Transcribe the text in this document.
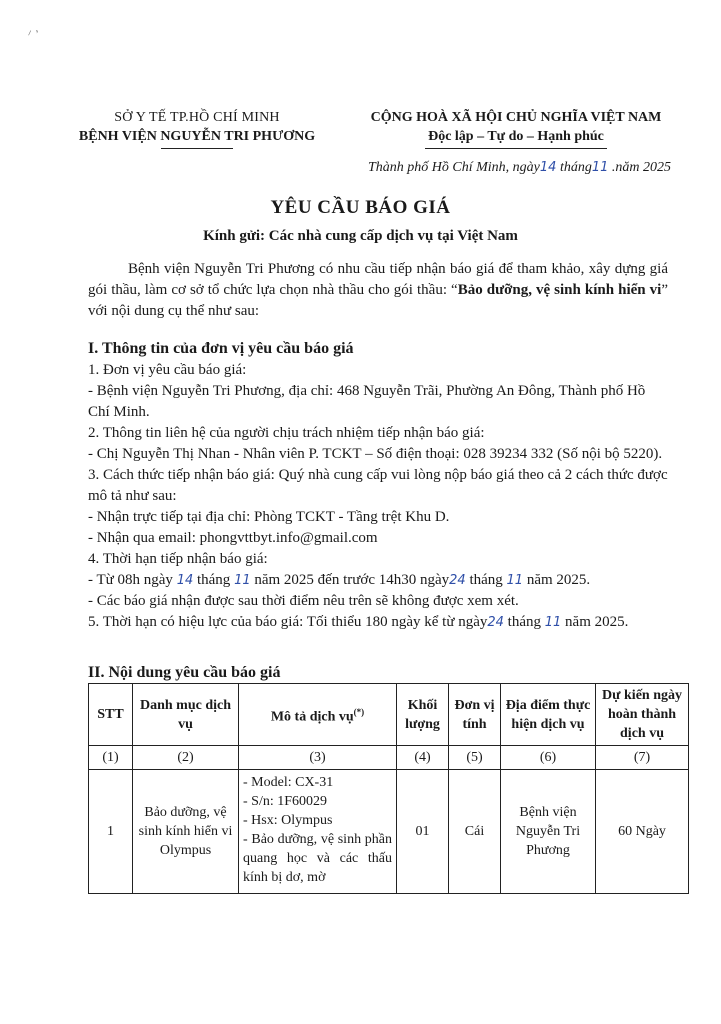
⸝ ‚
SỞ Y TẾ TP.HỒ CHÍ MINH
BỆNH VIỆN NGUYỄN TRI PHƯƠNG
CỘNG HOÀ XÃ HỘI CHỦ NGHĨA VIỆT NAM
Độc lập – Tự do – Hạnh phúc
Thành phố Hồ Chí Minh, ngày14 tháng11 .năm 2025
YÊU CẦU BÁO GIÁ
Kính gửi: Các nhà cung cấp dịch vụ tại Việt Nam
Bệnh viện Nguyễn Tri Phương có nhu cầu tiếp nhận báo giá để tham khảo, xây dựng giá gói thầu, làm cơ sở tổ chức lựa chọn nhà thầu cho gói thầu: “Bảo dưỡng, vệ sinh kính hiển vi” với nội dung cụ thể như sau:
I. Thông tin của đơn vị yêu cầu báo giá
1. Đơn vị yêu cầu báo giá:
- Bệnh viện Nguyễn Tri Phương, địa chỉ: 468 Nguyễn Trãi, Phường An Đông, Thành phố Hồ Chí Minh.
2. Thông tin liên hệ của người chịu trách nhiệm tiếp nhận báo giá:
- Chị Nguyễn Thị Nhan - Nhân viên P. TCKT – Số điện thoại: 028 39234 332 (Số nội bộ 5220).
3. Cách thức tiếp nhận báo giá: Quý nhà cung cấp vui lòng nộp báo giá theo cả 2 cách thức được mô tả như sau:
- Nhận trực tiếp tại địa chỉ: Phòng TCKT - Tầng trệt Khu D.
- Nhận qua email: phongvttbyt.info@gmail.com
4. Thời hạn tiếp nhận báo giá:
- Từ 08h ngày 14 tháng 11 năm 2025 đến trước 14h30 ngày24 tháng 11 năm 2025.
- Các báo giá nhận được sau thời điểm nêu trên sẽ không được xem xét.
5. Thời hạn có hiệu lực của báo giá: Tối thiểu 180 ngày kể từ ngày24 tháng 11 năm 2025.
II. Nội dung yêu cầu báo giá
STT	Danh mục dịch vụ	Mô tả dịch vụ(*)	Khối lượng	Đơn vị tính	Địa điểm thực hiện dịch vụ	Dự kiến ngày hoàn thành dịch vụ
(1)	(2)	(3)	(4)	(5)	(6)	(7)
1	Bảo dưỡng, vệ sinh kính hiển vi Olympus	- Model: CX-31
- S/n: 1F60029
- Hsx: Olympus
- Bảo dưỡng, vệ sinh phần quang học và các thấu kính bị dơ, mờ	01	Cái	Bệnh viện Nguyễn Tri Phương	60 Ngày
